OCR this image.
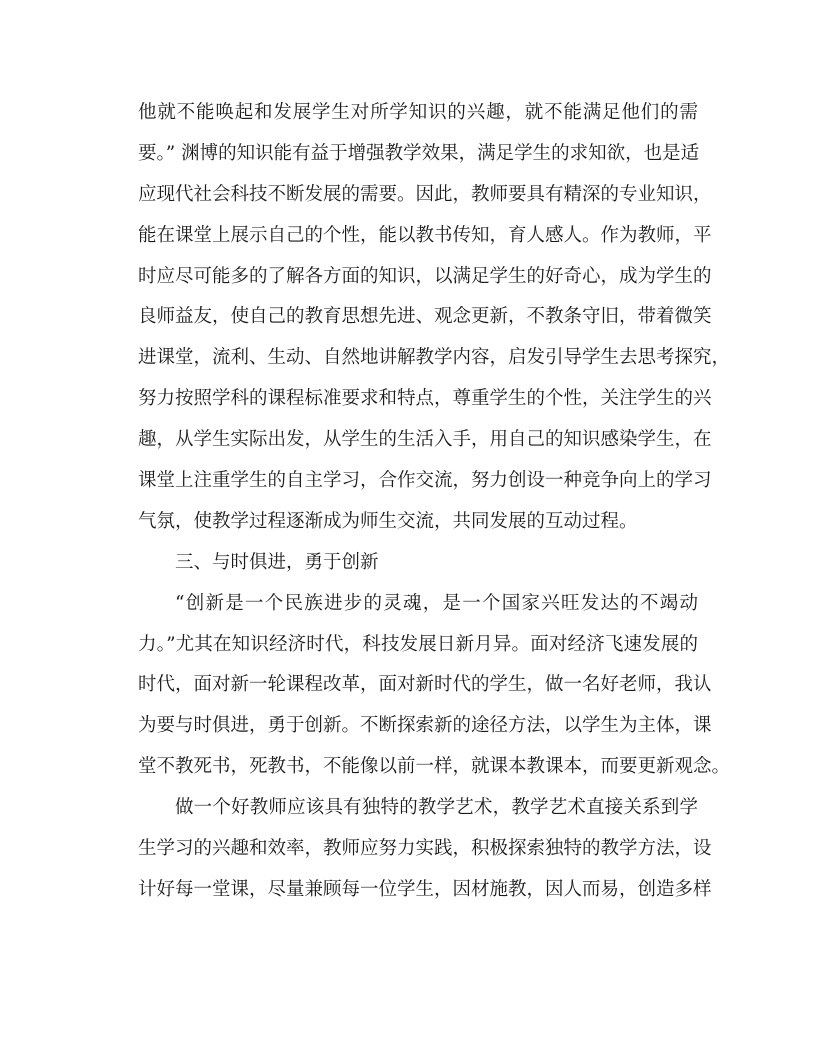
他就不能唤起和发展学生对所学知识的兴趣，就不能满足他们的需
要。” 渊博的知识能有益于增强教学效果，满足学生的求知欲，也是适
应现代社会科技不断发展的需要。因此，教师要具有精深的专业知识，
能在课堂上展示自己的个性，能以教书传知，育人感人。作为教师，平
时应尽可能多的了解各方面的知识，以满足学生的好奇心，成为学生的
良师益友，使自己的教育思想先进、观念更新，不教条守旧，带着微笑
进课堂，流利、生动、自然地讲解教学内容，启发引导学生去思考探究，
努力按照学科的课程标准要求和特点，尊重学生的个性，关注学生的兴
趣，从学生实际出发，从学生的生活入手，用自己的知识感染学生，在
课堂上注重学生的自主学习，合作交流，努力创设一种竞争向上的学习
气氛，使教学过程逐渐成为师生交流，共同发展的互动过程。
三、与时俱进，勇于创新
“创新是一个民族进步的灵魂，是一个国家兴旺发达的不竭动
力。”尤其在知识经济时代，科技发展日新月异。面对经济飞速发展的
时代，面对新一轮课程改革，面对新时代的学生，做一名好老师，我认
为要与时俱进，勇于创新。不断探索新的途径方法，以学生为主体，课
堂不教死书，死教书，不能像以前一样，就课本教课本，而要更新观念。
做一个好教师应该具有独特的教学艺术，教学艺术直接关系到学
生学习的兴趣和效率，教师应努力实践，积极探索独特的教学方法，设
计好每一堂课，尽量兼顾每一位学生，因材施教，因人而易，创造多样
